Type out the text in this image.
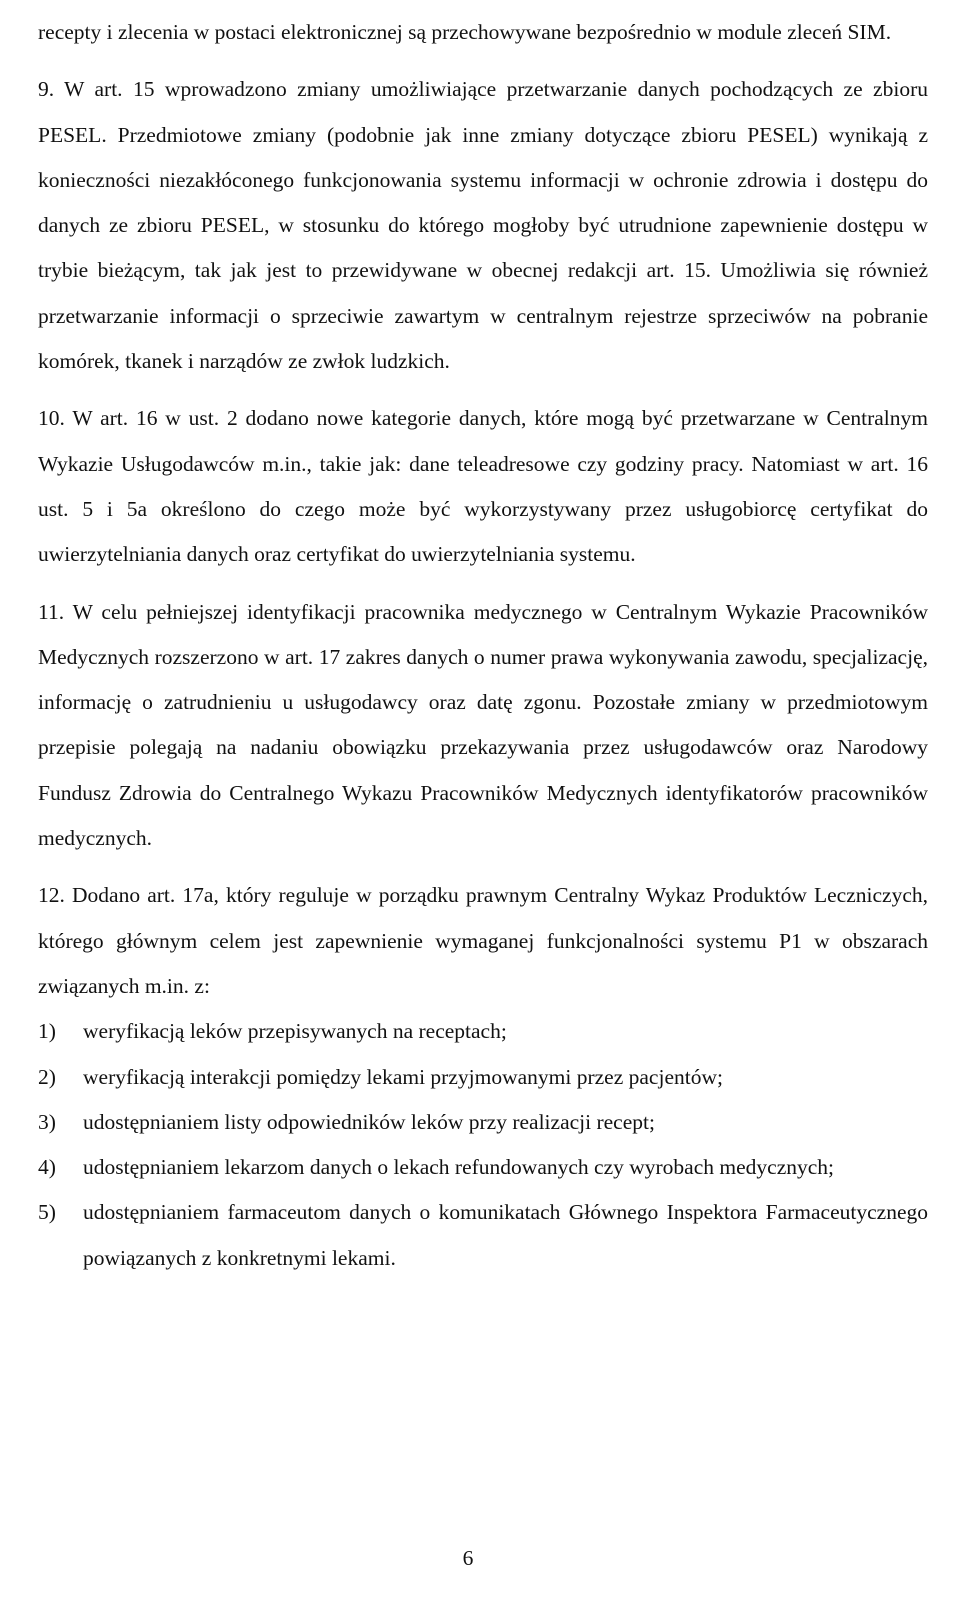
recepty i zlecenia w postaci elektronicznej są przechowywane bezpośrednio w module zleceń SIM.

9. W art. 15 wprowadzono zmiany umożliwiające przetwarzanie danych pochodzących ze zbioru PESEL. Przedmiotowe zmiany (podobnie jak inne zmiany dotyczące zbioru PESEL) wynikają z konieczności niezakłóconego funkcjonowania systemu informacji w ochronie zdrowia i dostępu do danych ze zbioru PESEL, w stosunku do którego mogłoby być utrudnione zapewnienie dostępu w trybie bieżącym, tak jak jest to przewidywane w obecnej redakcji art. 15. Umożliwia się również przetwarzanie informacji o sprzeciwie zawartym w centralnym rejestrze sprzeciwów na pobranie komórek, tkanek i narządów ze zwłok ludzkich.

10. W art. 16 w ust. 2 dodano nowe kategorie danych, które mogą być przetwarzane w Centralnym Wykazie Usługodawców m.in., takie jak: dane teleadresowe czy godziny pracy. Natomiast w art. 16 ust. 5 i 5a określono do czego może być wykorzystywany przez usługobiorcę certyfikat do uwierzytelniania danych oraz certyfikat do uwierzytelniania systemu.

11. W celu pełniejszej identyfikacji pracownika medycznego w Centralnym Wykazie Pracowników Medycznych rozszerzono w art. 17 zakres danych o numer prawa wykonywania zawodu, specjalizację, informację o zatrudnieniu u usługodawcy oraz datę zgonu. Pozostałe zmiany w przedmiotowym przepisie polegają na nadaniu obowiązku przekazywania przez usługodawców oraz Narodowy Fundusz Zdrowia do Centralnego Wykazu Pracowników Medycznych identyfikatorów pracowników medycznych.

12. Dodano art. 17a, który reguluje w porządku prawnym Centralny Wykaz Produktów Leczniczych, którego głównym celem jest zapewnienie wymaganej funkcjonalności systemu P1 w obszarach związanych m.in. z:

1)	weryfikacją leków przepisywanych na receptach;
2)	weryfikacją interakcji pomiędzy lekami przyjmowanymi przez pacjentów;
3)	udostępnianiem listy odpowiedników leków przy realizacji recept;
4)	udostępnianiem lekarzom danych o lekach refundowanych czy wyrobach medycznych;
5)	udostępnianiem farmaceutom danych o komunikatach Głównego Inspektora Farmaceutycznego powiązanych z konkretnymi lekami.
6
